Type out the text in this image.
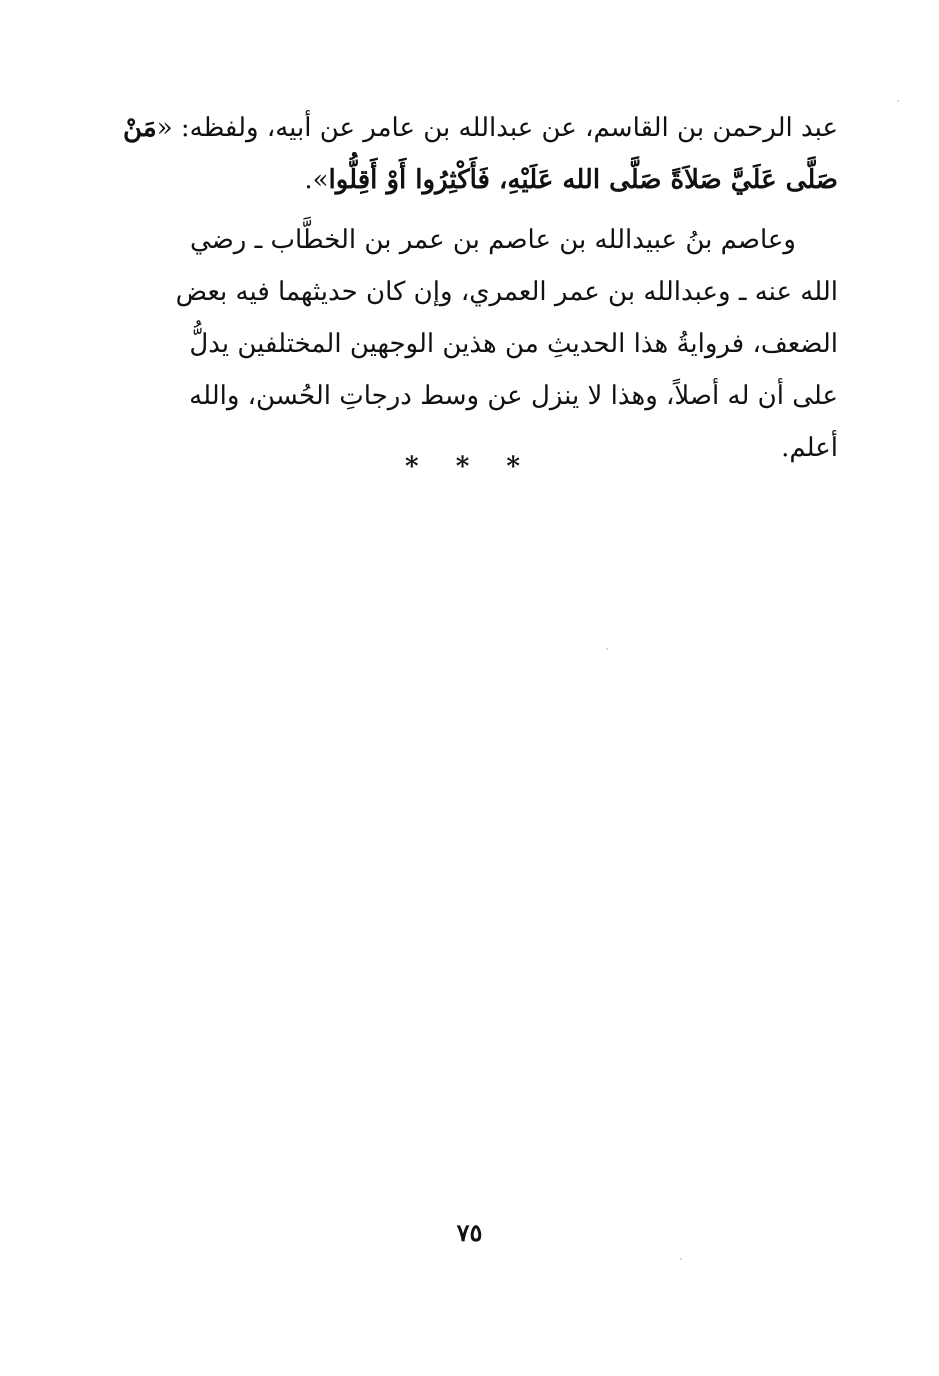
عبد الرحمن بن القاسم، عن عبدالله بن عامر عن أبيه، ولفظه: «مَنْ
صَلَّى عَلَيَّ صَلاَةً صَلَّى الله عَلَيْهِ، فَأَكْثِرُوا أَوْ أَقِلُّوا».
وعاصم بنُ عبيدالله بن عاصم بن عمر بن الخطَّاب ـ رضي
الله عنه ـ وعبدالله بن عمر العمري، وإن كان حديثهما فيه بعض
الضعف، فروايةُ هذا الحديثِ من هذين الوجهين المختلفين يدلُّ
على أن له أصلاً، وهذا لا ينزل عن وسط درجاتِ الحُسن، والله
أعلم.
* * *
٧٥
